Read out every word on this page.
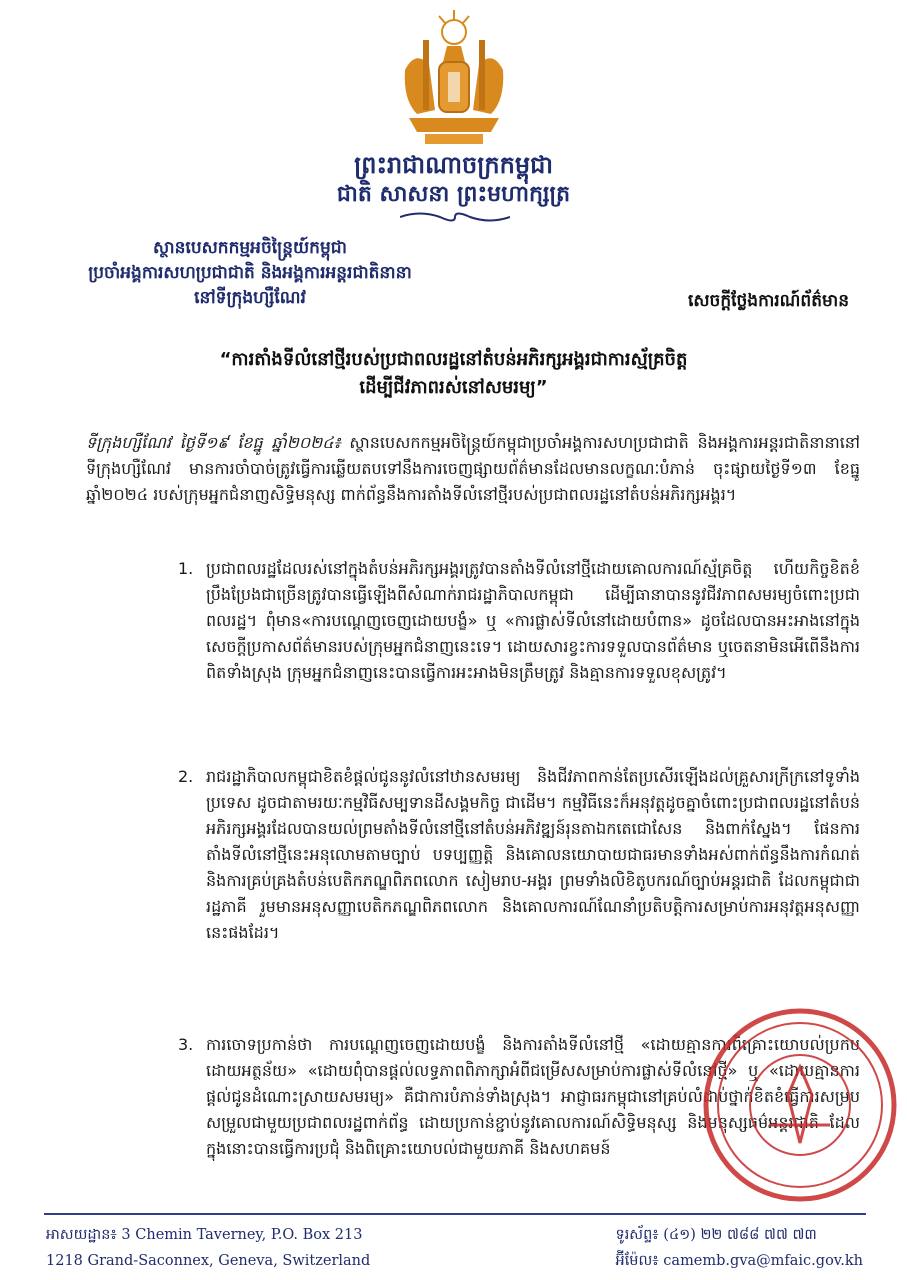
ព្រះរាជាណាចក្រកម្ពុជា
ជាតិ សាសនា ព្រះមហាក្សត្រ
ស្ថានបេសកកម្មអចិន្ត្រៃយ៍កម្ពុជា
ប្រចាំអង្គការសហប្រជាជាតិ និងអង្គការអន្តរជាតិនានា
នៅទីក្រុងហ្សឺណែវ	សេចក្តីថ្លែងការណ៍ព័ត៌មាន
“ការតាំងទីលំនៅថ្មីរបស់ប្រជាពលរដ្ឋនៅតំបន់អភិរក្សអង្គរជាការស្ម័គ្រចិត្ត
ដើម្បីជីវភាពរស់នៅសមរម្យ”

ទីក្រុងហ្សឺណែវ ថ្ងៃទី១៩ ខែធ្នូ ឆ្នាំ២០២៤៖ ស្ថានបេសកកម្មអចិន្ត្រៃយ៍កម្ពុជាប្រចាំអង្គការសហប្រជាជាតិ និងអង្គការអន្តរជាតិនានានៅទីក្រុងហ្សឺណែវ មានការចាំបាច់ត្រូវធ្វើការឆ្លើយតបទៅនឹងការចេញផ្សាយព័ត៌មានដែលមានលក្ខណៈបំភាន់ ចុះផ្សាយថ្ងៃទី១៣ ខែធ្នូ ឆ្នាំ២០២៤ របស់ក្រុមអ្នកជំនាញសិទ្ធិមនុស្ស ពាក់ព័ន្ធនឹងការតាំងទីលំនៅថ្មីរបស់ប្រជាពលរដ្ឋនៅតំបន់អភិរក្សអង្គរ។

1. ប្រជាពលរដ្ឋដែលរស់នៅក្នុងតំបន់អភិរក្សអង្គរត្រូវបានតាំងទីលំនៅថ្មីដោយគោលការណ៍ស្ម័គ្រចិត្ត ហើយកិច្ចខិតខំប្រឹងប្រែងជាច្រើនត្រូវបានធ្វើឡើងពីសំណាក់រាជរដ្ឋាភិបាលកម្ពុជា ដើម្បីធានាបាននូវជីវភាពសមរម្យចំពោះប្រជាពលរដ្ឋ។ ពុំមាន«ការបណ្តេញចេញដោយបង្ខំ» ឬ «ការផ្លាស់ទីលំនៅដោយបំពាន» ដូចដែលបានអះអាងនៅក្នុងសេចក្តីប្រកាសព័ត៌មានរបស់ក្រុមអ្នកជំនាញនេះទេ។ ដោយសារខ្វះការទទួលបានព័ត៌មាន ឬចេតនាមិនអើពើនឹងការពិតទាំងស្រុង ក្រុមអ្នកជំនាញនេះបានធ្វើការអះអាងមិនត្រឹមត្រូវ និងគ្មានការទទួលខុសត្រូវ។
2. រាជរដ្ឋាភិបាលកម្ពុជាខិតខំផ្តល់ជូននូវលំនៅឋានសមរម្យ និងជីវភាពកាន់តែប្រសើរឡើងដល់គ្រួសារក្រីក្រនៅទូទាំងប្រទេស ដូចជាតាមរយៈកម្មវិធីសម្បទានដីសង្គមកិច្ច ជាដើម។ កម្មវិធីនេះក៏អនុវត្តដូចគ្នាចំពោះប្រជាពលរដ្ឋនៅតំបន់អភិរក្សអង្គរដែលបានយល់ព្រមតាំងទីលំនៅថ្មីនៅតំបន់អភិវឌ្ឍន៍រុនតាឯកតេជោសែន និងពាក់ស្នែង។ ផែនការតាំងទីលំនៅថ្មីនេះអនុលោមតាមច្បាប់ បទប្បញ្ញត្តិ និងគោលនយោបាយជាធរមានទាំងអស់ពាក់ព័ន្ធនឹងការកំណត់ និងការគ្រប់គ្រងតំបន់បេតិកភណ្ឌពិភពលោក សៀមរាប-អង្គរ ព្រមទាំងលិខិតូបករណ៍ច្បាប់អន្តរជាតិ ដែលកម្ពុជាជារដ្ឋភាគី រួមមានអនុសញ្ញាបេតិកភណ្ឌពិភពលោក និងគោលការណ៍ណែនាំប្រតិបត្តិការសម្រាប់ការអនុវត្តអនុសញ្ញានេះផងដែរ។
3. ការចោទប្រកាន់ថា ការបណ្តេញចេញដោយបង្ខំ និងការតាំងទីលំនៅថ្មី «ដោយគ្មានការពិគ្រោះយោបល់ប្រកបដោយអត្ថន័យ» «ដោយពុំបានផ្តល់លទ្ធភាពពិភាក្សាអំពីជម្រើសសម្រាប់ការផ្លាស់ទីលំនៅថ្មី» ឬ «ដោយគ្មានការផ្តល់ជូនដំណោះស្រាយសមរម្យ» គឺជាការបំភាន់ទាំងស្រុង។ អាជ្ញាធរកម្ពុជានៅគ្រប់លំដាប់ថ្នាក់ខិតខំធ្វើការសម្របសម្រួលជាមួយប្រជាពលរដ្ឋពាក់ព័ន្ធ ដោយប្រកាន់ខ្ជាប់នូវគោលការណ៍សិទ្ធិមនុស្ស និងមនុស្សធម៌អន្តរជាតិ ដែលក្នុងនោះបានធ្វើការប្រជុំ និងពិគ្រោះយោបល់ជាមួយភាគី និងសហគមន៍
អាសយដ្ឋាន៖ 3 Chemin Taverney, P.O. Box 213
1218 Grand-Saconnex, Geneva, Switzerland
ទូរស័ព្ទ៖ (៤១) ២២ ៧៨៨ ៧៧ ៧៣
អ៊ីម៉ែល៖ camemb.gva@mfaic.gov.kh
